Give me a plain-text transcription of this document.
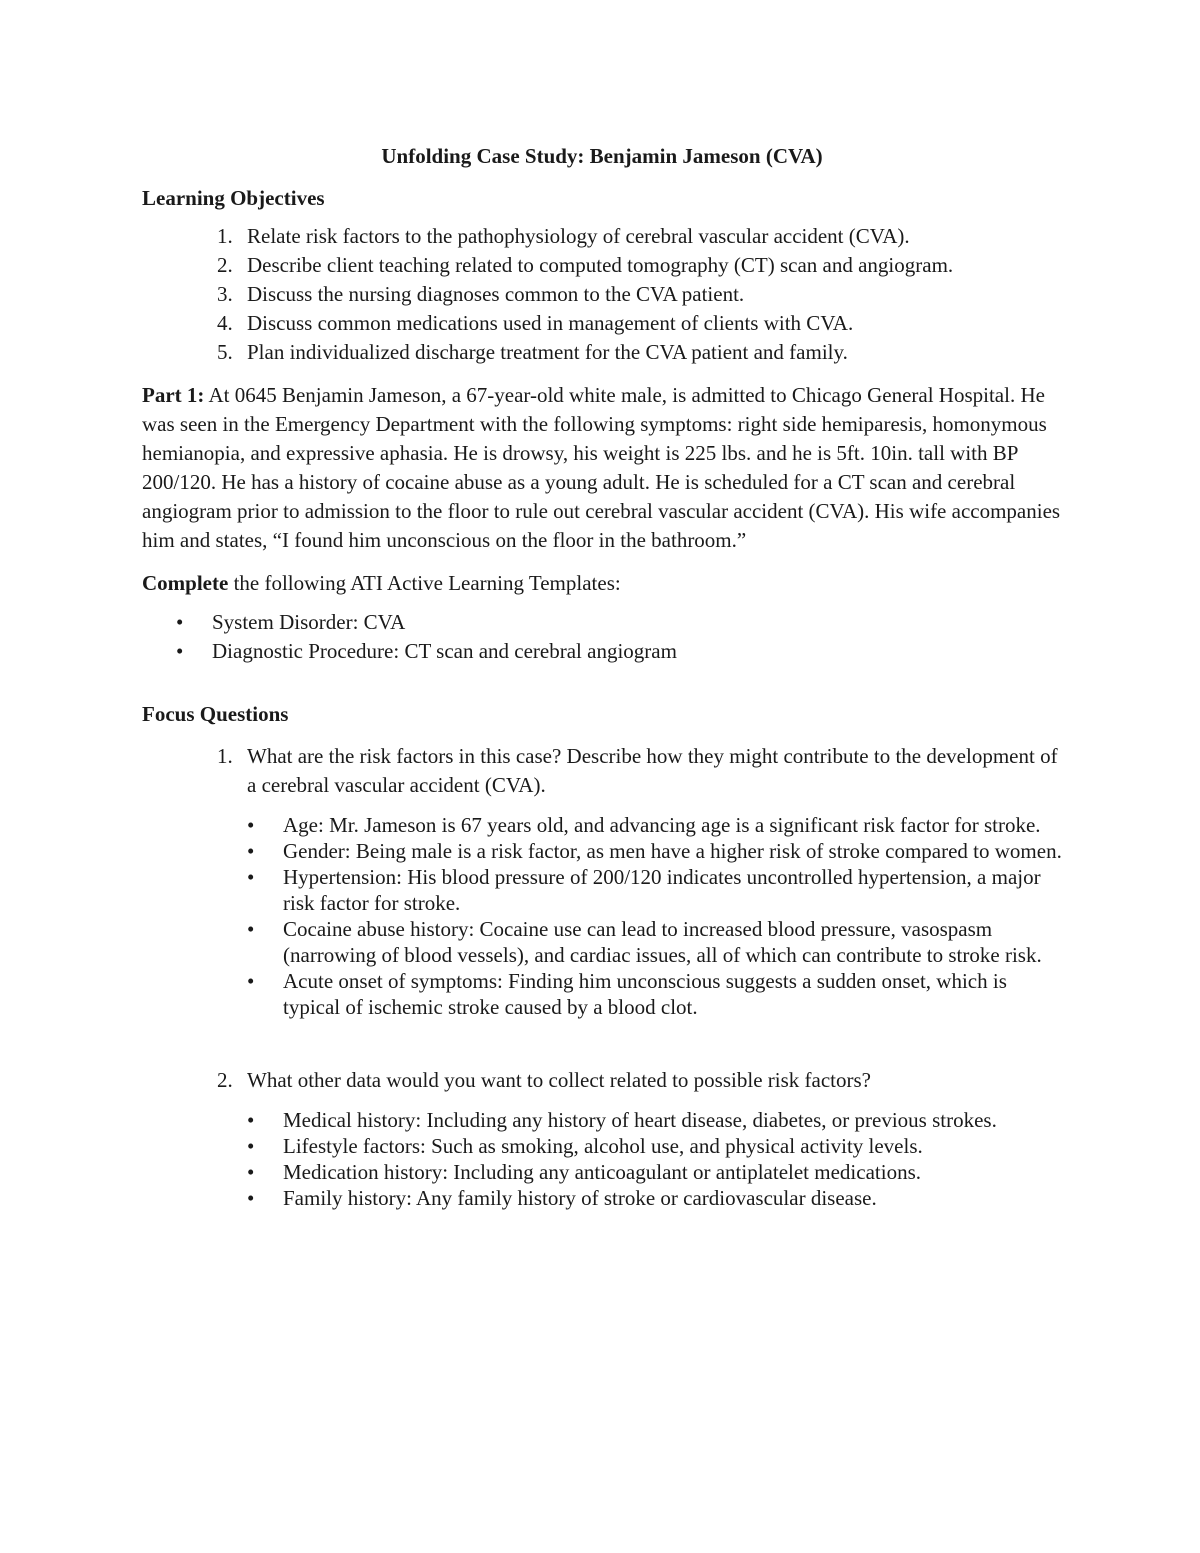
Unfolding Case Study: Benjamin Jameson (CVA)
Learning Objectives
1. Relate risk factors to the pathophysiology of cerebral vascular accident (CVA).
2. Describe client teaching related to computed tomography (CT) scan and angiogram.
3. Discuss the nursing diagnoses common to the CVA patient.
4. Discuss common medications used in management of clients with CVA.
5. Plan individualized discharge treatment for the CVA patient and family.

Part 1: At 0645 Benjamin Jameson, a 67-year-old white male, is admitted to Chicago General Hospital. He was seen in the Emergency Department with the following symptoms: right side hemiparesis, homonymous hemianopia, and expressive aphasia. He is drowsy, his weight is 225 lbs. and he is 5ft. 10in. tall with BP 200/120. He has a history of cocaine abuse as a young adult. He is scheduled for a CT scan and cerebral angiogram prior to admission to the floor to rule out cerebral vascular accident (CVA). His wife accompanies him and states, “I found him unconscious on the floor in the bathroom.”

Complete the following ATI Active Learning Templates:

• System Disorder: CVA
• Diagnostic Procedure: CT scan and cerebral angiogram
Focus Questions
1. What are the risk factors in this case? Describe how they might contribute to the development of a cerebral vascular accident (CVA).
• Age: Mr. Jameson is 67 years old, and advancing age is a significant risk factor for stroke.
• Gender: Being male is a risk factor, as men have a higher risk of stroke compared to women.
• Hypertension: His blood pressure of 200/120 indicates uncontrolled hypertension, a major risk factor for stroke.
• Cocaine abuse history: Cocaine use can lead to increased blood pressure, vasospasm (narrowing of blood vessels), and cardiac issues, all of which can contribute to stroke risk.
• Acute onset of symptoms: Finding him unconscious suggests a sudden onset, which is typical of ischemic stroke caused by a blood clot.
2. What other data would you want to collect related to possible risk factors?
• Medical history: Including any history of heart disease, diabetes, or previous strokes.
• Lifestyle factors: Such as smoking, alcohol use, and physical activity levels.
• Medication history: Including any anticoagulant or antiplatelet medications.
• Family history: Any family history of stroke or cardiovascular disease.
